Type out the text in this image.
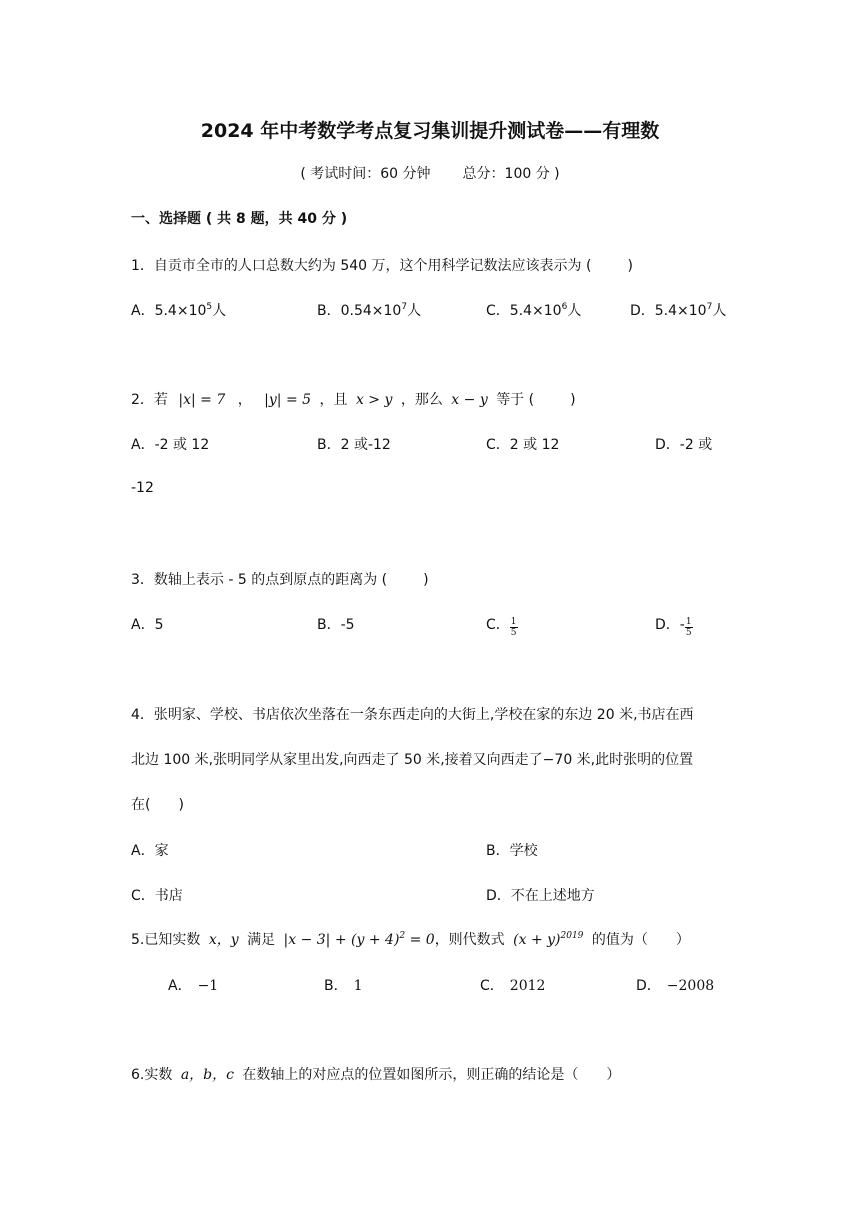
2024 年中考数学考点复习集训提升测试卷——有理数
( 考试时间：60 分钟 总分：100 分 )
一、选择题 ( 共 8 题，共 40 分 )
1．自贡市全市的人口总数大约为 540 万，这个用科学记数法应该表示为 (	)
A．$5.4\times 10^5$人	B．$0.54\times 10^7$人	C．$5.4\times 10^6$人	D．$5.4\times 10^7$人
2．若 |x| = 7 ， |y| = 5 ，且 x > y ，那么 x − y 等于 (	)
A．-2 或 12	B．2 或-12	C．2 或 12	D．-2 或
-12
3．数轴上表示 - 5 的点到原点的距离为 (	)
A．5	B．-5	C． $\frac{1}{5}$	D．- $\frac{1}{5}$
4．张明家、学校、书店依次坐落在一条东西走向的大街上,学校在家的东边 20 米,书店在西
北边 100 米,张明同学从家里出发,向西走了 50 米,接着又向西走了−70 米,此时张明的位置
在(　　)
A．家	B．学校
C．书店	D．不在上述地方
5.已知实数 x，y 满足 $|x - 3| + (y + 4)^2 = 0$，则代数式 $(x + y)^{2019}$ 的值为（　　）
A． −1	B． 1	C． 2012	D． −2008
6.实数 a，b，c 在数轴上的对应点的位置如图所示，则正确的结论是（　　）
